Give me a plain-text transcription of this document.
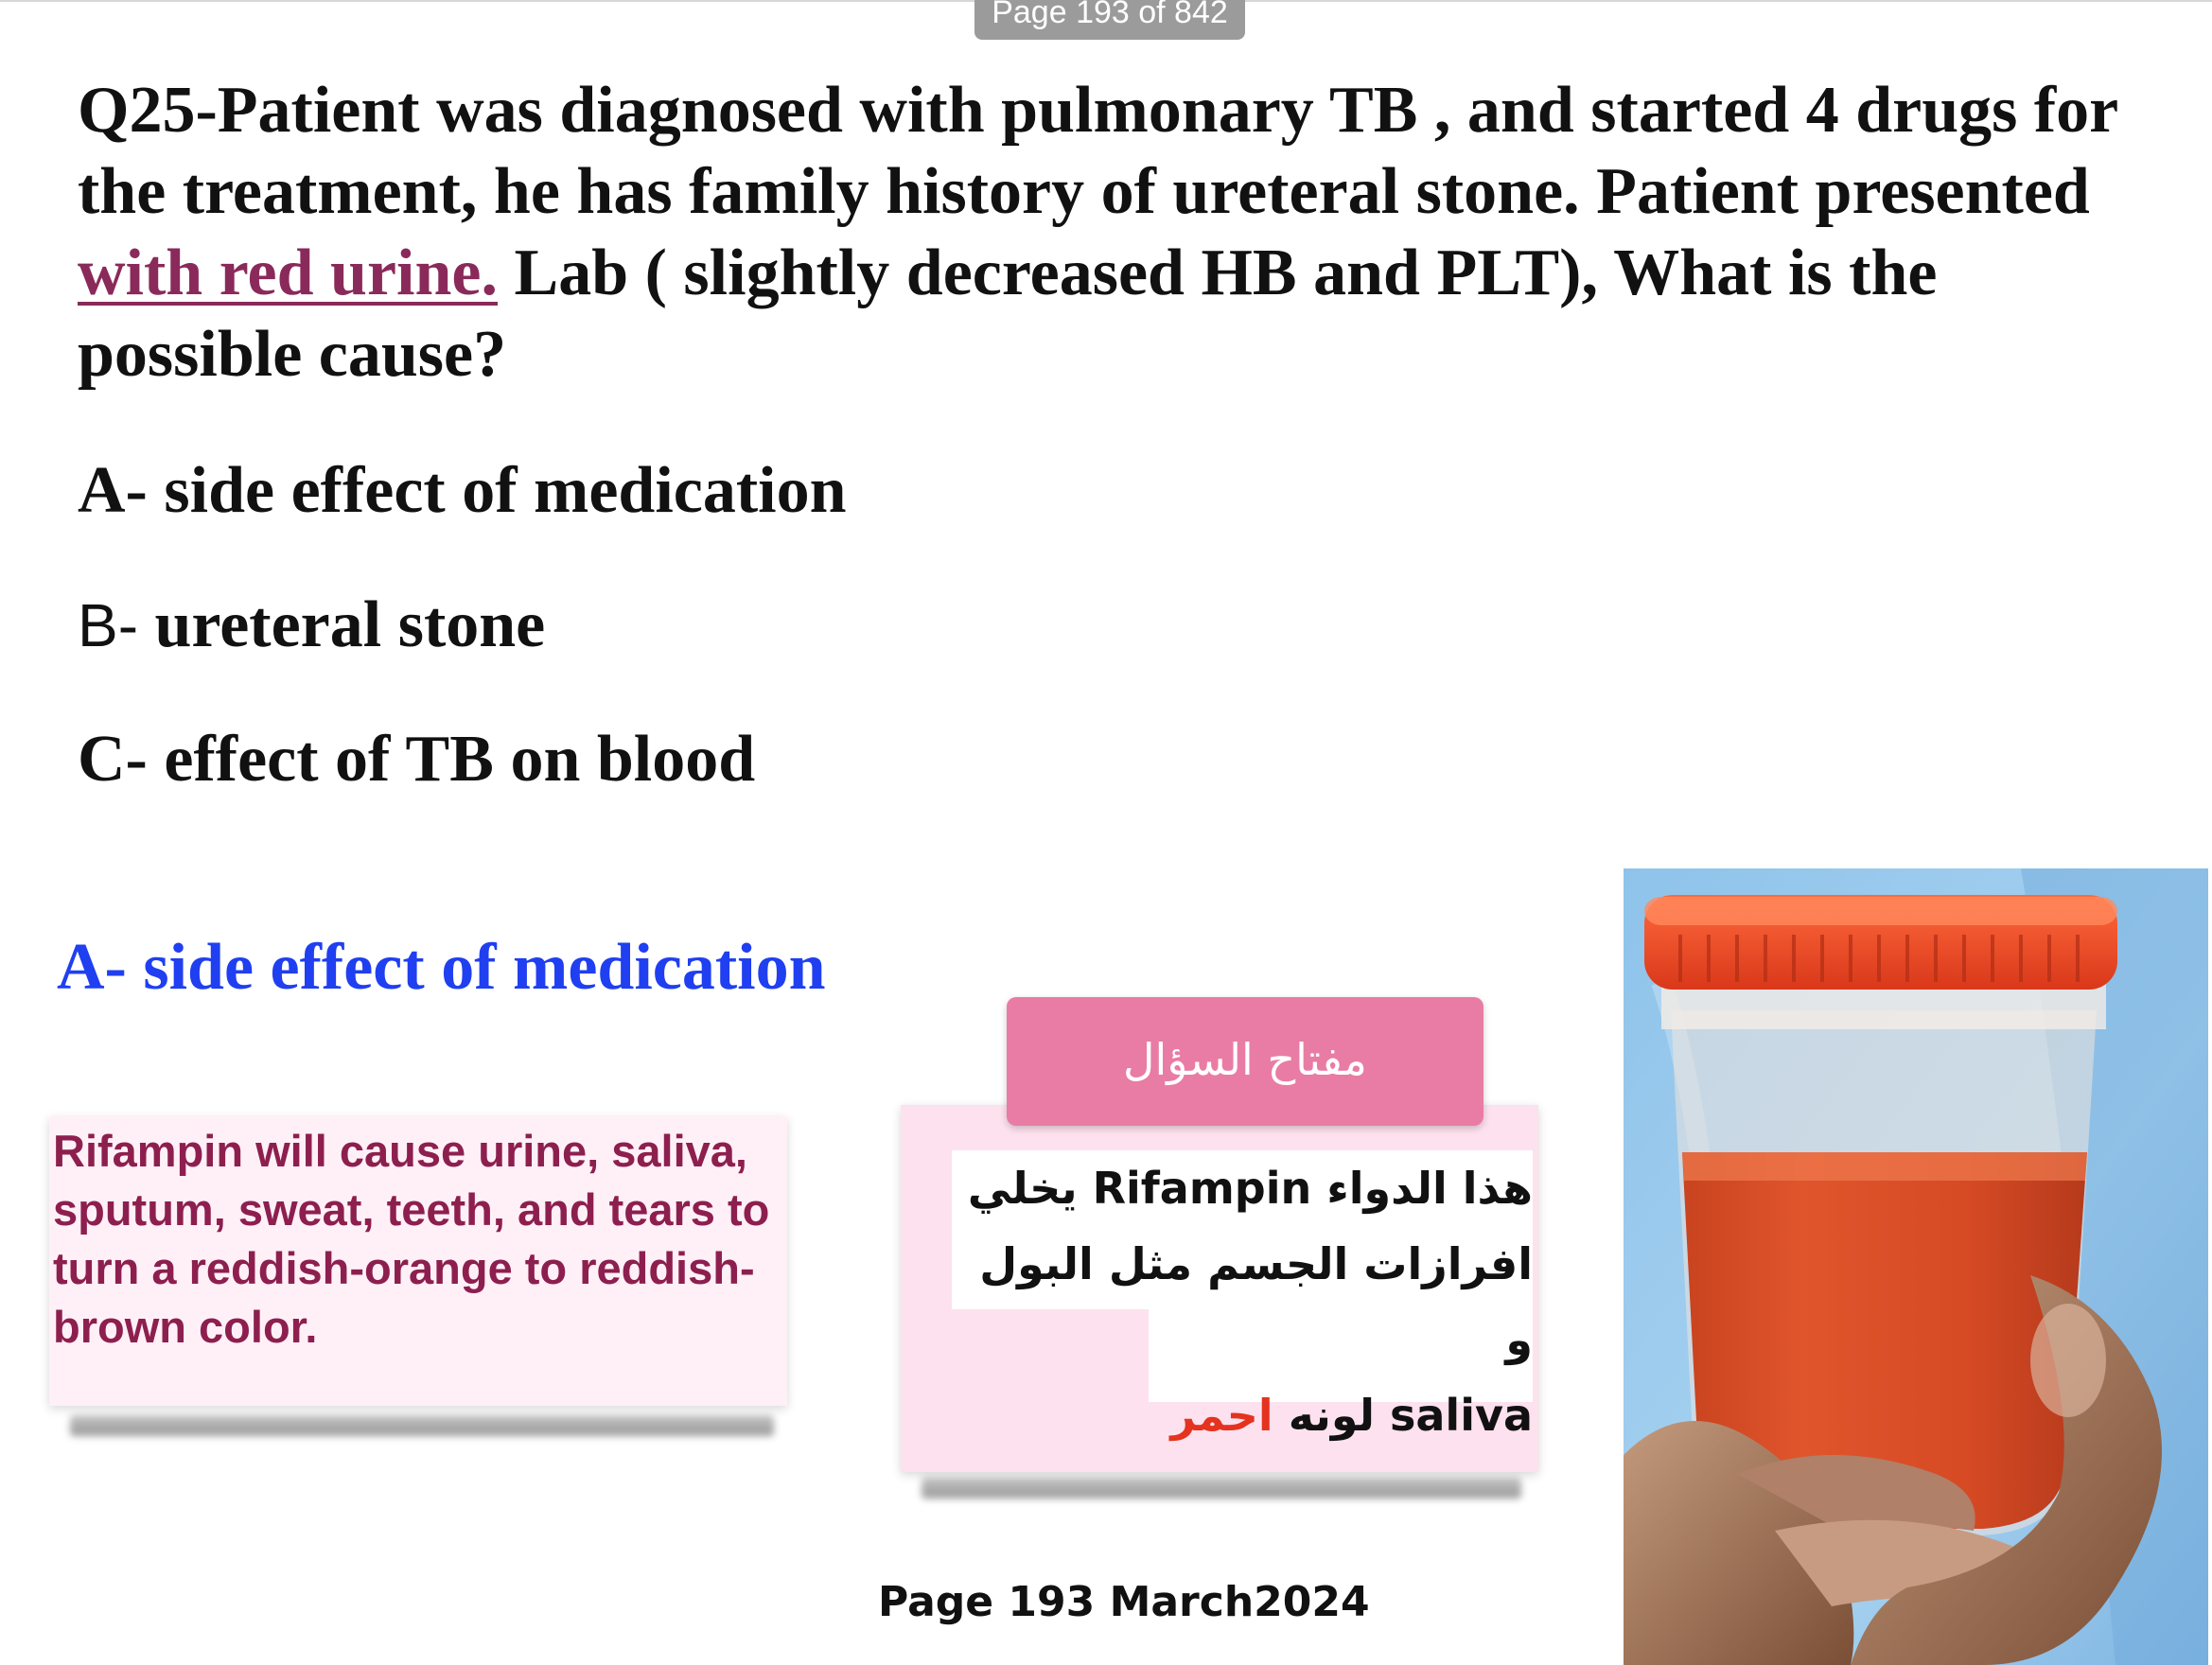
Page 193 of 842

Q25-Patient was diagnosed with pulmonary TB , and started 4 drugs for the treatment, he has family history of ureteral stone. Patient presented with red urine. Lab ( slightly decreased HB and PLT), What is the possible cause?

A- side effect of medication

B- ureteral stone

C- effect of TB on blood

A- side effect of medication

Rifampin will cause urine, saliva, sputum, sweat, teeth, and tears to turn a reddish-orange to reddish-brown color.

مفتاح السؤال

هذا الدواء Rifampin يخلي
افرازات الجسم مثل البول و
saliva لونه احمر

Page 193 March2024
